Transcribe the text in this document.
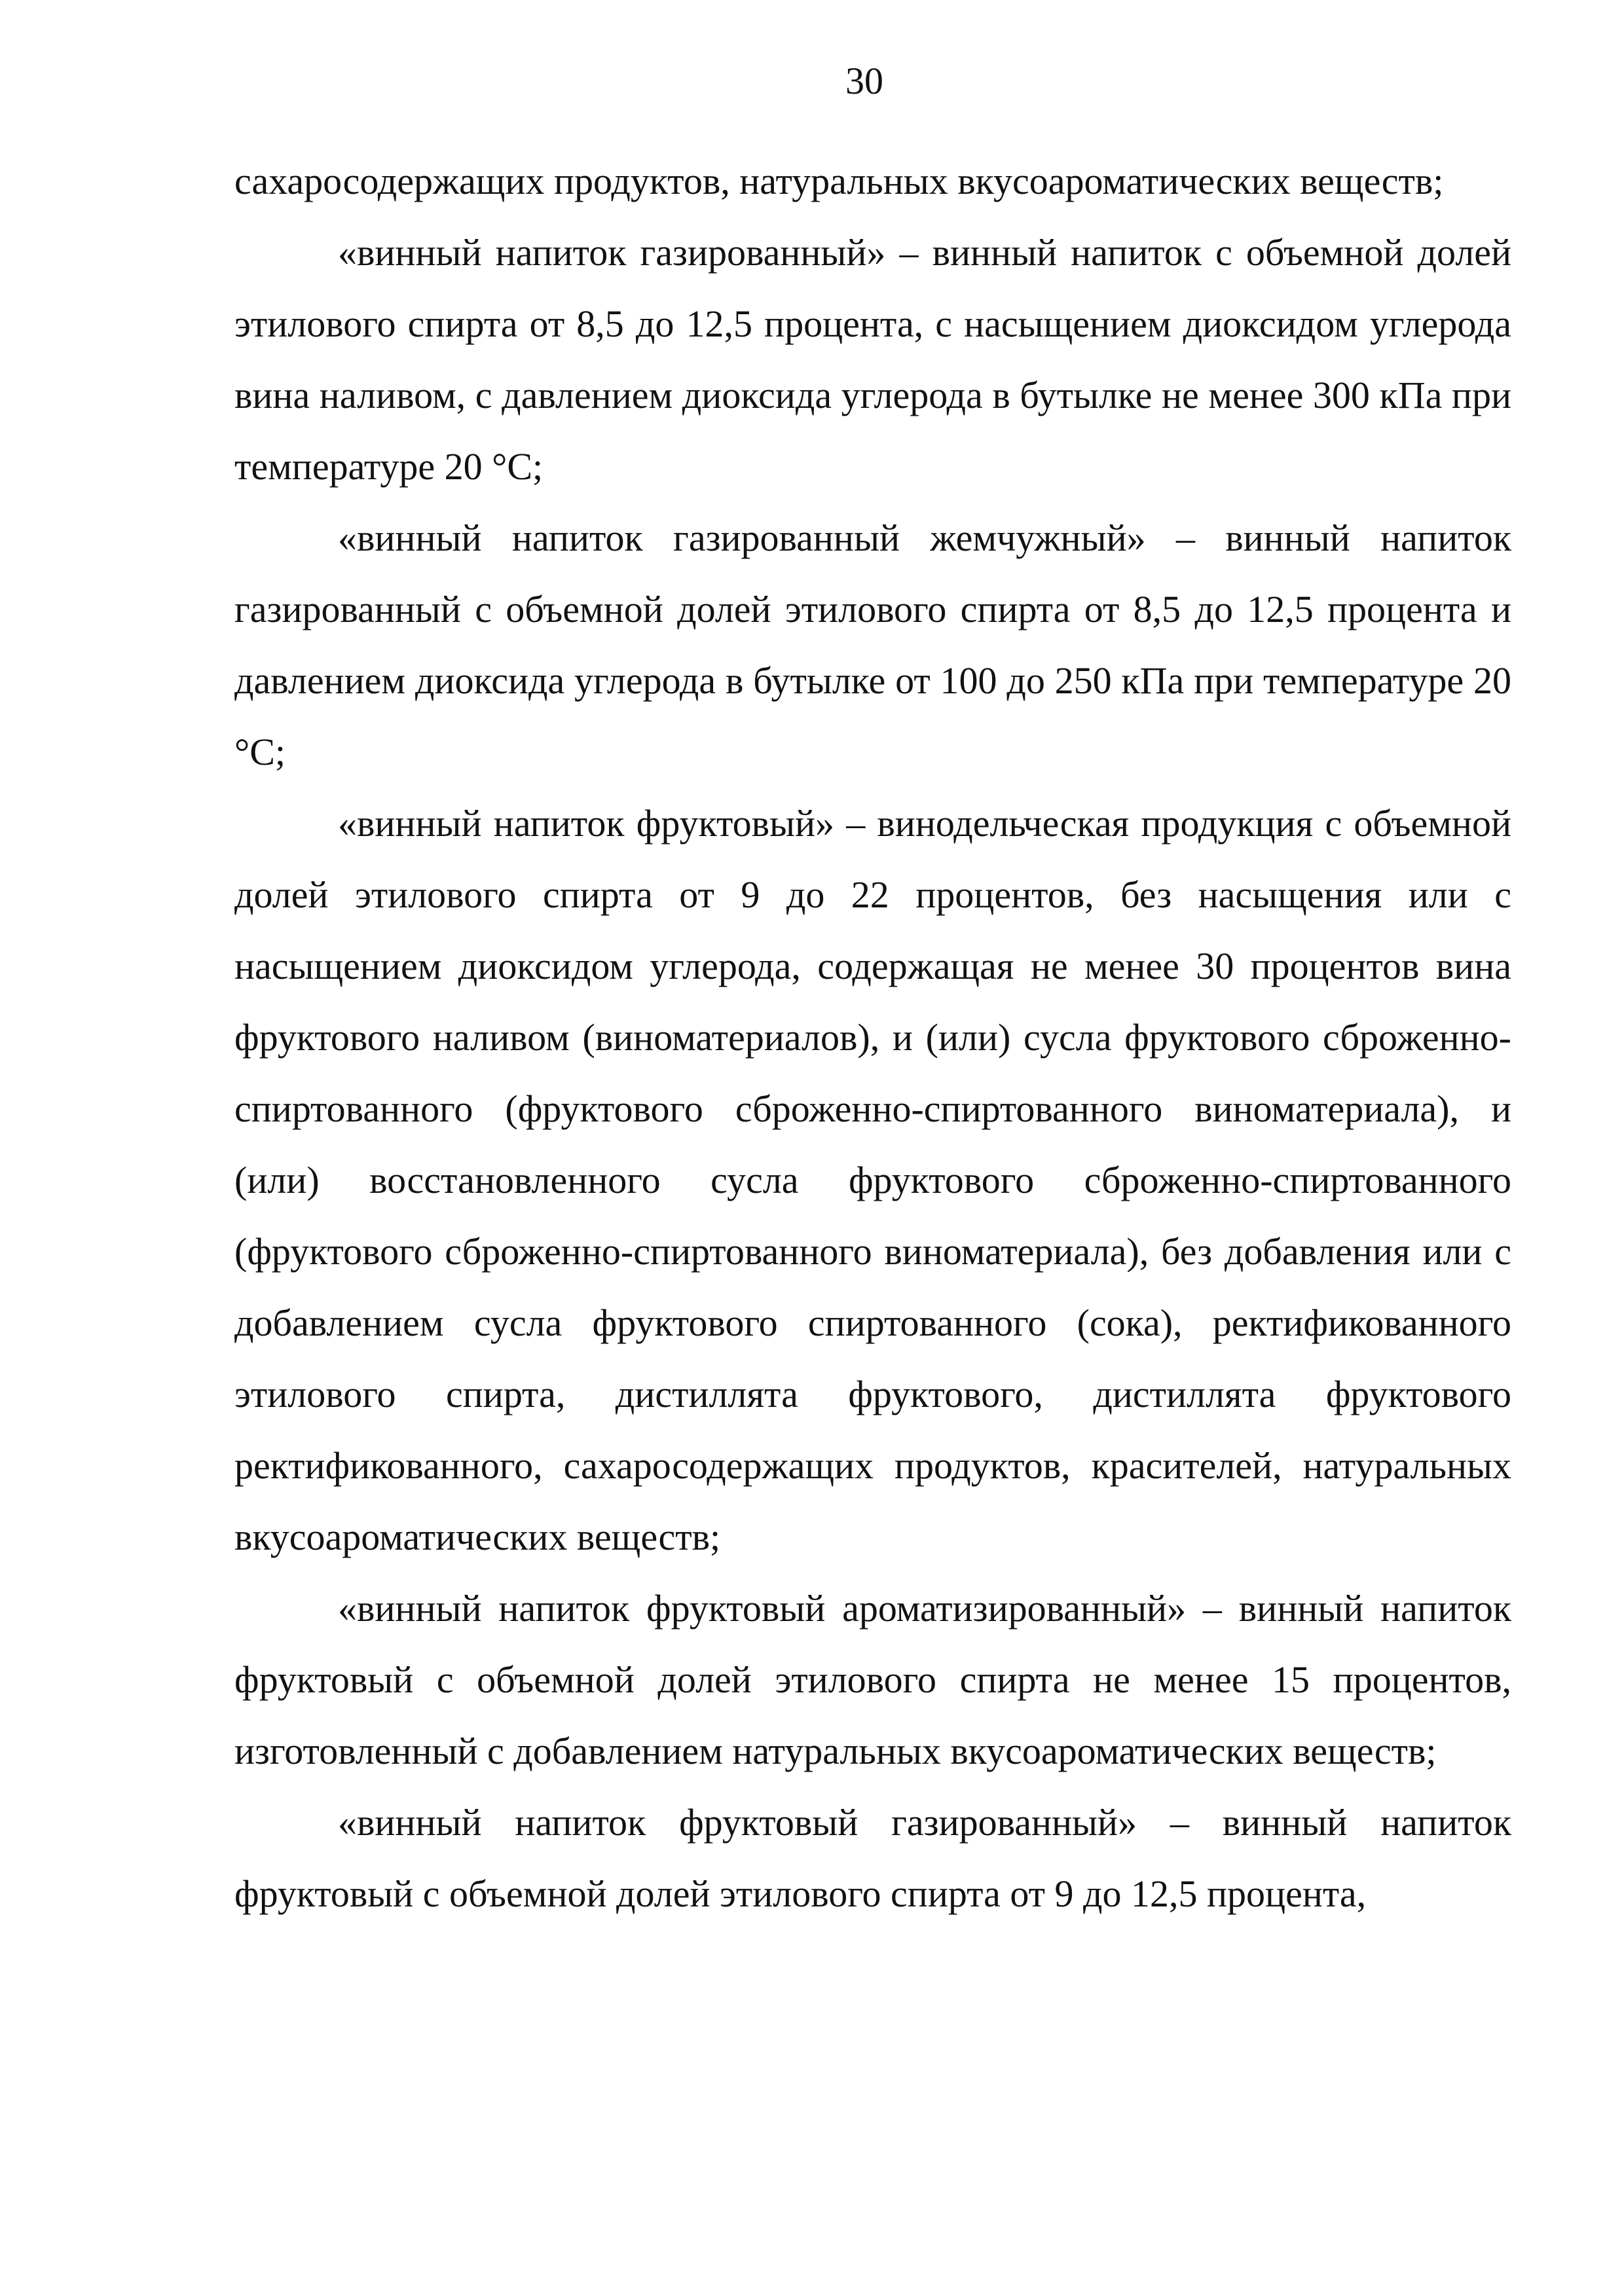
30

сахаросодержащих продуктов, натуральных вкусоароматических веществ;

«винный напиток газированный» – винный напиток с объемной долей этилового спирта от 8,5 до 12,5 процента, с насыщением диоксидом углерода вина наливом, с давлением диоксида углерода в бутылке не менее 300 кПа при температуре 20 °С;

«винный напиток газированный жемчужный» – винный напиток газированный с объемной долей этилового спирта от 8,5 до 12,5 процента и давлением диоксида углерода в бутылке от 100 до 250 кПа при температуре 20 °С;

«винный напиток фруктовый» – винодельческая продукция с объемной долей этилового спирта от 9 до 22 процентов, без насыщения или с насыщением диоксидом углерода, содержащая не менее 30 процентов вина фруктового наливом (виноматериалов), и (или) сусла фруктового сброженно-спиртованного (фруктового сброженно-спиртованного виноматериала), и (или) восстановленного сусла фруктового сброженно-спиртованного (фруктового сброженно-спиртованного виноматериала), без добавления или с добавлением сусла фруктового спиртованного (сока), ректификованного этилового спирта, дистиллята фруктового, дистиллята фруктового ректификованного, сахаросодержащих продуктов, красителей, натуральных вкусоароматических веществ;

«винный напиток фруктовый ароматизированный» – винный напиток фруктовый с объемной долей этилового спирта не менее 15 процентов, изготовленный с добавлением натуральных вкусоароматических веществ;

«винный напиток фруктовый газированный» – винный напиток фруктовый с объемной долей этилового спирта от 9 до 12,5 процента,
